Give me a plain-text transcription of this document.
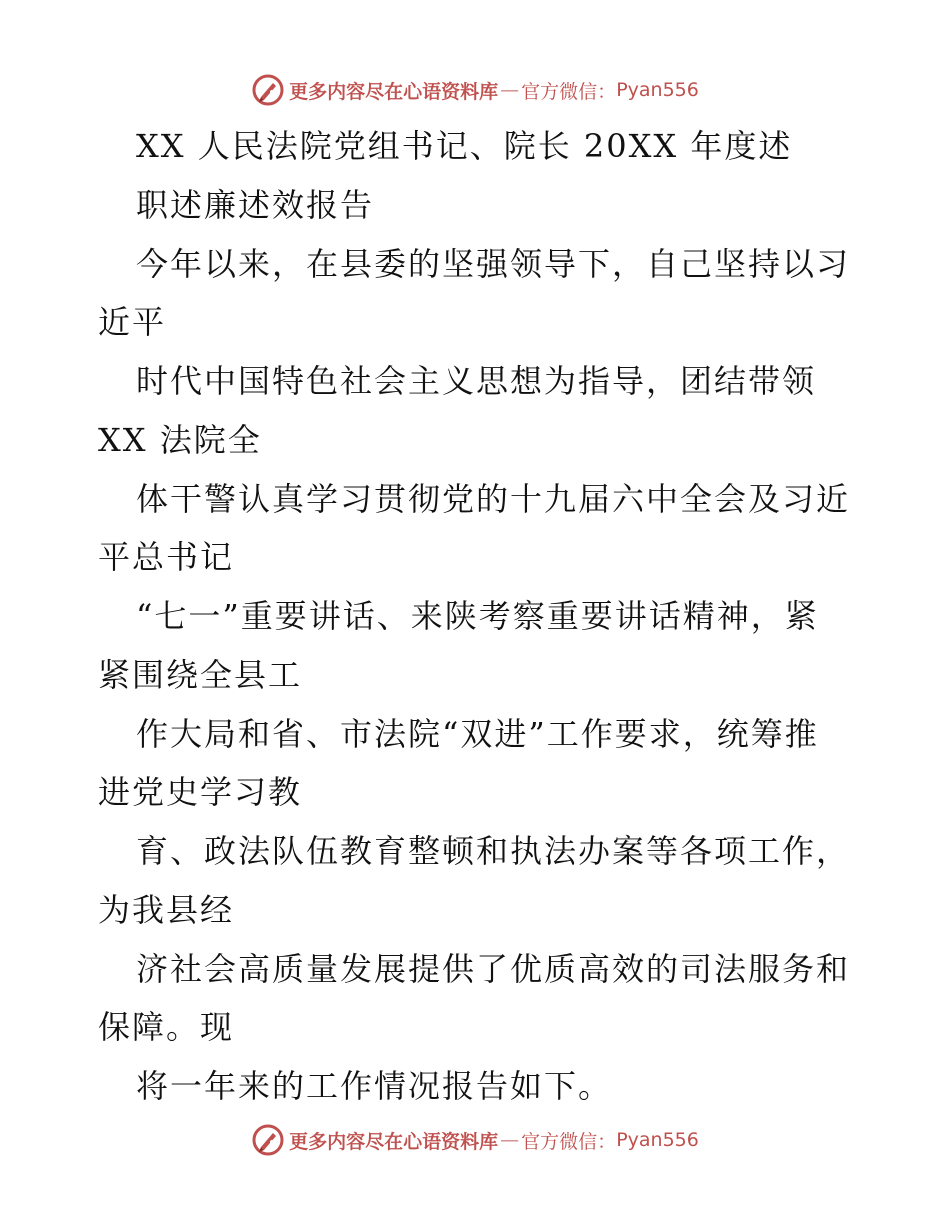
更多内容尽在心语资料库 — 官方微信： Pyan556
XX 人民法院党组书记、院长 20XX 年度述
职述廉述效报告
今年以来，在县委的坚强领导下，自己坚持以习
近平
时代中国特色社会主义思想为指导，团结带领
XX 法院全
体干警认真学习贯彻党的十九届六中全会及习近
平总书记
“七一”重要讲话、来陕考察重要讲话精神，紧
紧围绕全县工
作大局和省、市法院“双进”工作要求，统筹推
进党史学习教
育、政法队伍教育整顿和执法办案等各项工作，
为我县经
济社会高质量发展提供了优质高效的司法服务和
保障。现
将一年来的工作情况报告如下。
更多内容尽在心语资料库 — 官方微信： Pyan556
